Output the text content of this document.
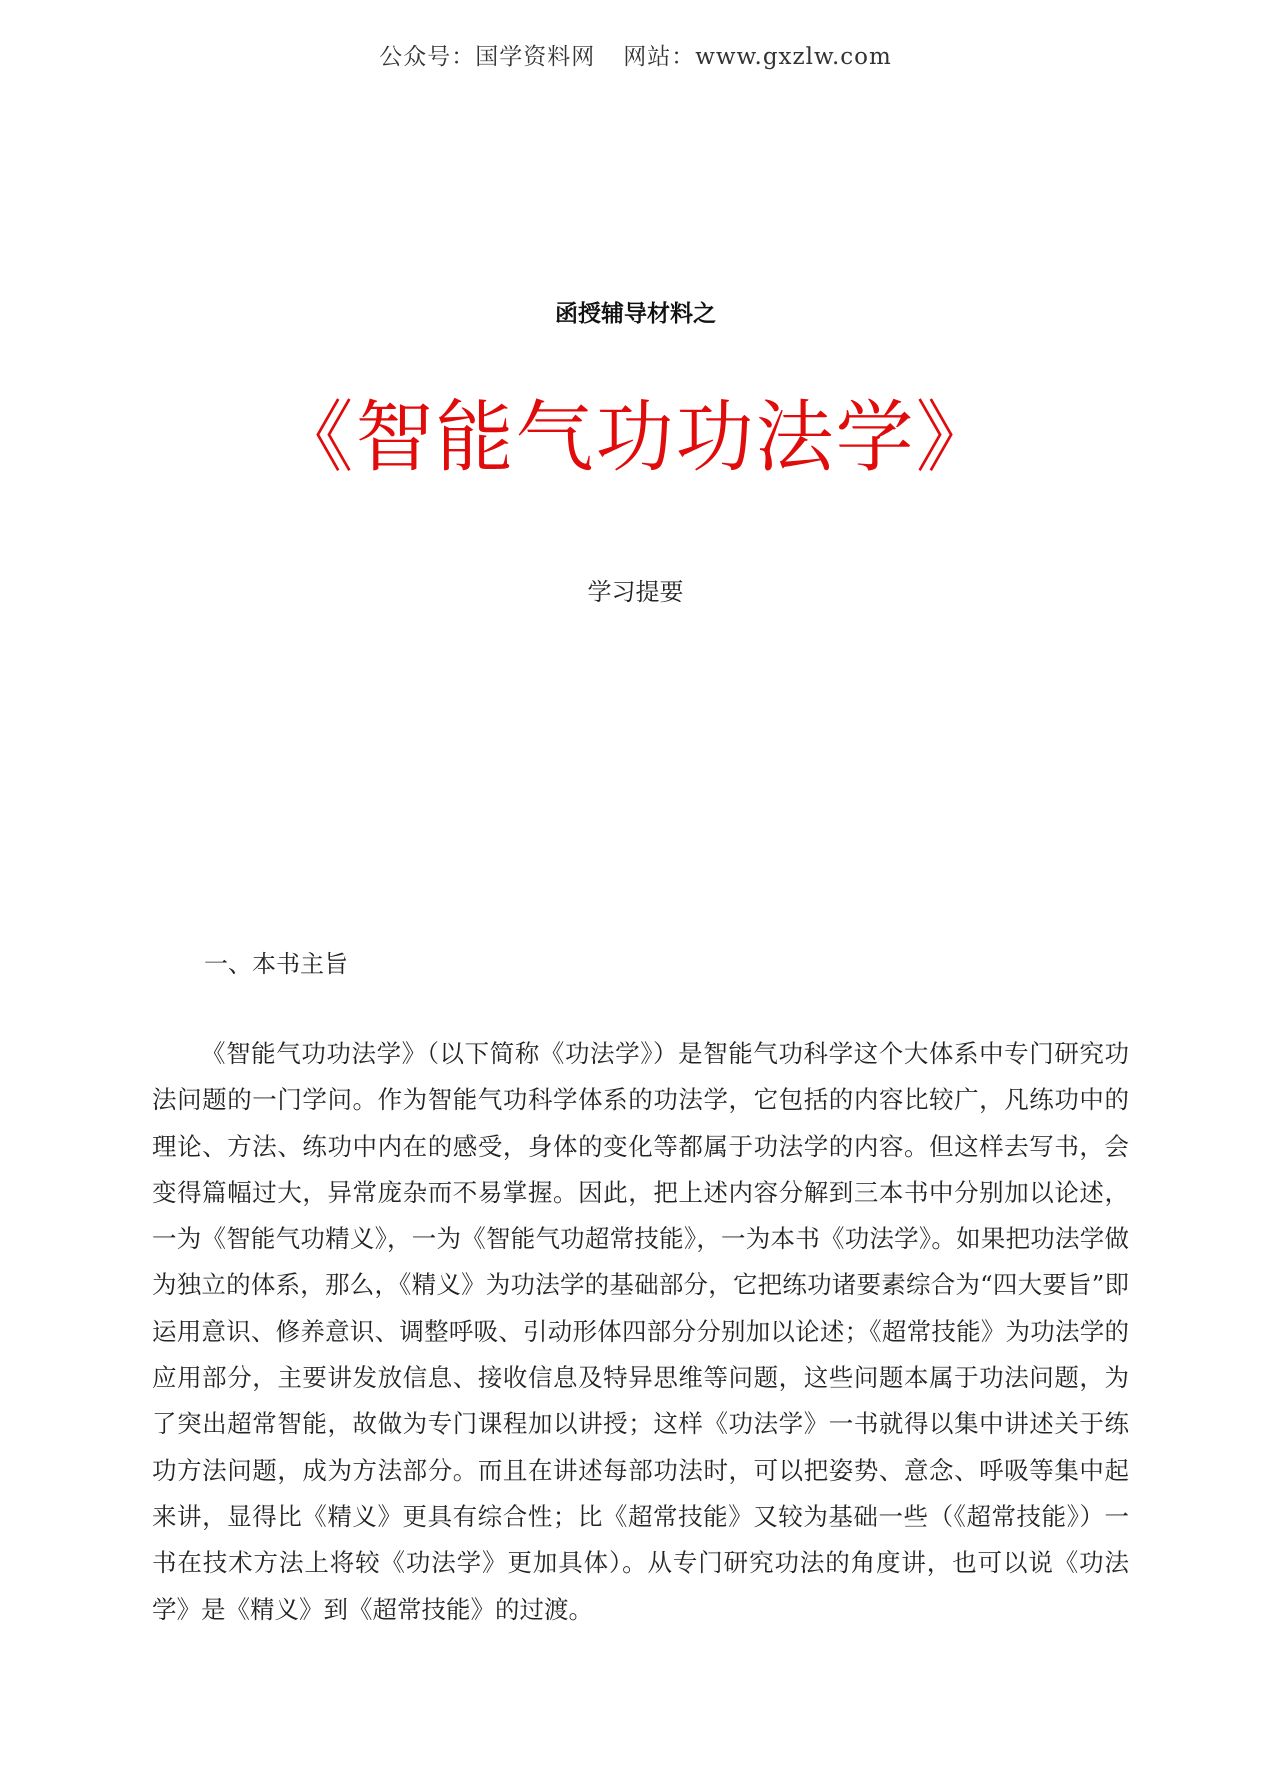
公众号：国学资料网 网站：www.gxzlw.com
函授辅导材料之
《智能气功功法学》
学习提要
一、本书主旨

《智能气功功法学》（以下简称《功法学》）是智能气功科学这个大体系中专门研究功法问题的一门学问。作为智能气功科学体系的功法学，它包括的内容比较广，凡练功中的理论、方法、练功中内在的感受，身体的变化等都属于功法学的内容。但这样去写书，会变得篇幅过大，异常庞杂而不易掌握。因此，把上述内容分解到三本书中分别加以论述，一为《智能气功精义》，一为《智能气功超常技能》，一为本书《功法学》。如果把功法学做为独立的体系，那么，《精义》为功法学的基础部分，它把练功诸要素综合为“四大要旨”即运用意识、修养意识、调整呼吸、引动形体四部分分别加以论述；《超常技能》为功法学的应用部分，主要讲发放信息、接收信息及特异思维等问题，这些问题本属于功法问题，为了突出超常智能，故做为专门课程加以讲授；这样《功法学》一书就得以集中讲述关于练功方法问题，成为方法部分。而且在讲述每部功法时，可以把姿势、意念、呼吸等集中起来讲，显得比《精义》更具有综合性；比《超常技能》又较为基础一些（《超常技能》）一书在技术方法上将较《功法学》更加具体）。从专门研究功法的角度讲，也可以说《功法学》是《精义》到《超常技能》的过渡。
